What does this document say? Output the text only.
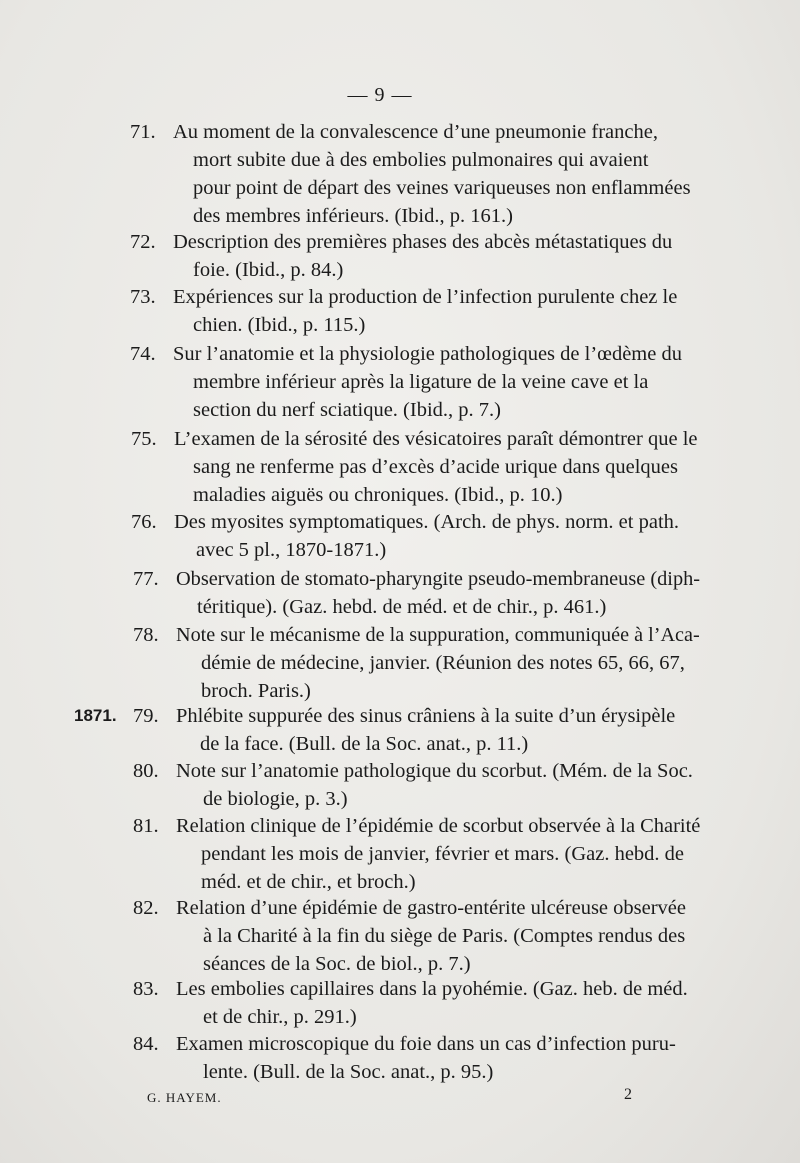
— 9 —
71. Au moment de la convalescence d’une pneumonie franche,
mort subite due à des embolies pulmonaires qui avaient
pour point de départ des veines variqueuses non enflammées
des membres inférieurs. (Ibid., p. 161.)
72. Description des premières phases des abcès métastatiques du
foie. (Ibid., p. 84.)
73. Expériences sur la production de l’infection purulente chez le
chien. (Ibid., p. 115.)
74. Sur l’anatomie et la physiologie pathologiques de l’œdème du
membre inférieur après la ligature de la veine cave et la
section du nerf sciatique. (Ibid., p. 7.)
75. L’examen de la sérosité des vésicatoires paraît démontrer que le
sang ne renferme pas d’excès d’acide urique dans quelques
maladies aiguës ou chroniques. (Ibid., p. 10.)
76. Des myosites symptomatiques. (Arch. de phys. norm. et path.
avec 5 pl., 1870-1871.)
77. Observation de stomato-pharyngite pseudo-membraneuse (diph-
téritique). (Gaz. hebd. de méd. et de chir., p. 461.)
78. Note sur le mécanisme de la suppuration, communiquée à l’Aca-
démie de médecine, janvier. (Réunion des notes 65, 66, 67,
broch. Paris.)
1871. 79. Phlébite suppurée des sinus crâniens à la suite d’un érysipèle
de la face. (Bull. de la Soc. anat., p. 11.)
80. Note sur l’anatomie pathologique du scorbut. (Mém. de la Soc.
de biologie, p. 3.)
81. Relation clinique de l’épidémie de scorbut observée à la Charité
pendant les mois de janvier, février et mars. (Gaz. hebd. de
méd. et de chir., et broch.)
82. Relation d’une épidémie de gastro-entérite ulcéreuse observée
à la Charité à la fin du siège de Paris. (Comptes rendus des
séances de la Soc. de biol., p. 7.)
83. Les embolies capillaires dans la pyohémie. (Gaz. heb. de méd.
et de chir., p. 291.)
84. Examen microscopique du foie dans un cas d’infection puru-
lente. (Bull. de la Soc. anat., p. 95.)
G. HAYEM.	2
